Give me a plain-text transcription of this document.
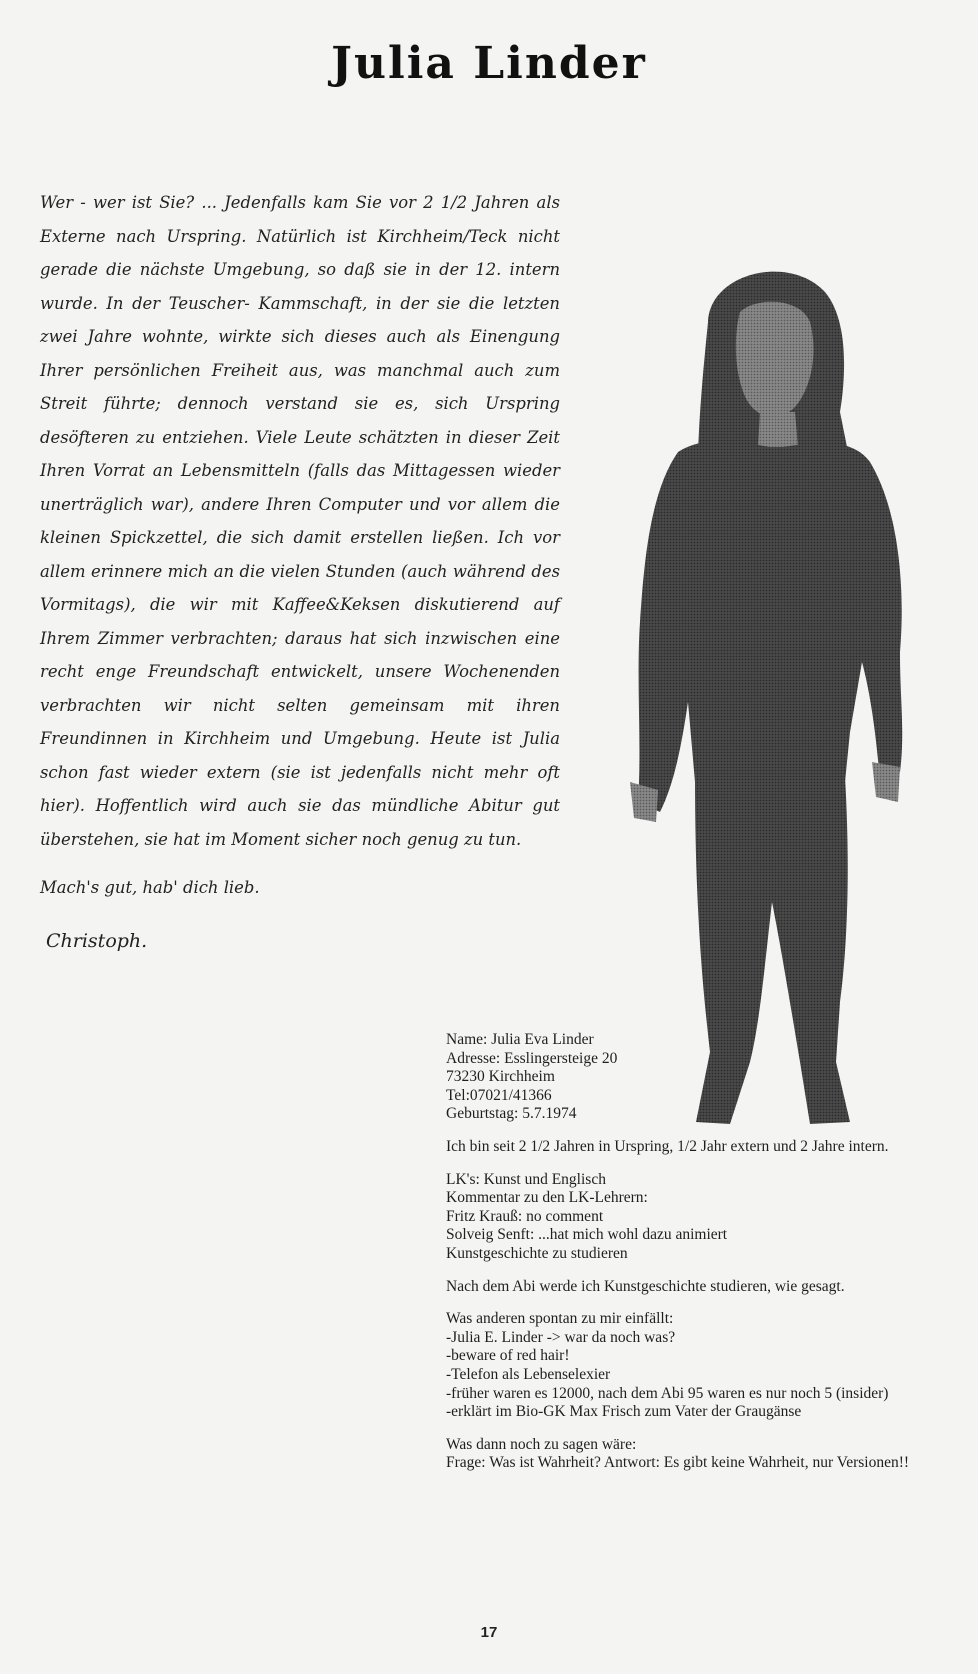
Julia Linder

Wer - wer ist Sie? ... Jedenfalls kam Sie vor 2 1/2 Jahren als Externe nach Urspring. Natürlich ist Kirchheim/Teck nicht gerade die nächste Umgebung, so daß sie in der 12. intern wurde. In der Teuscher- Kammschaft, in der sie die letzten zwei Jahre wohnte, wirkte sich dieses auch als Einengung Ihrer persönlichen Freiheit aus, was manchmal auch zum Streit führte; dennoch verstand sie es, sich Urspring desöfteren zu entziehen. Viele Leute schätzten in dieser Zeit Ihren Vorrat an Lebensmitteln (falls das Mittagessen wieder unerträglich war), andere Ihren Computer und vor allem die kleinen Spickzettel, die sich damit erstellen ließen. Ich vor allem erinnere mich an die vielen Stunden (auch während des Vormitags), die wir mit Kaffee&Keksen diskutierend auf Ihrem Zimmer verbrachten; daraus hat sich inzwischen eine recht enge Freundschaft entwickelt, unsere Wochenenden verbrachten wir nicht selten gemeinsam mit ihren Freundinnen in Kirchheim und Umgebung. Heute ist Julia schon fast wieder extern (sie ist jedenfalls nicht mehr oft hier). Hoffentlich wird auch sie das mündliche Abitur gut überstehen, sie hat im Moment sicher noch genug zu tun.

Mach's gut, hab' dich lieb.
Christoph.
Name: Julia Eva Linder
Adresse: Esslingersteige 20
73230 Kirchheim
Tel:07021/41366
Geburtstag: 5.7.1974
Ich bin seit 2 1/2 Jahren in Urspring, 1/2 Jahr extern und 2 Jahre intern.
LK's: Kunst und Englisch
Kommentar zu den LK-Lehrern:
Fritz Krauß: no comment
Solveig Senft: ...hat mich wohl dazu animiert
Kunstgeschichte zu studieren
Nach dem Abi werde ich Kunstgeschichte studieren, wie gesagt.
Was anderen spontan zu mir einfällt:
-Julia E. Linder -> war da noch was?
-beware of red hair!
-Telefon als Lebenselexier
-früher waren es 12000, nach dem Abi 95 waren es nur noch 5 (insider)
-erklärt im Bio-GK Max Frisch zum Vater der Graugänse
Was dann noch zu sagen wäre:
Frage: Was ist Wahrheit? Antwort: Es gibt keine Wahrheit, nur Versionen!!
17
